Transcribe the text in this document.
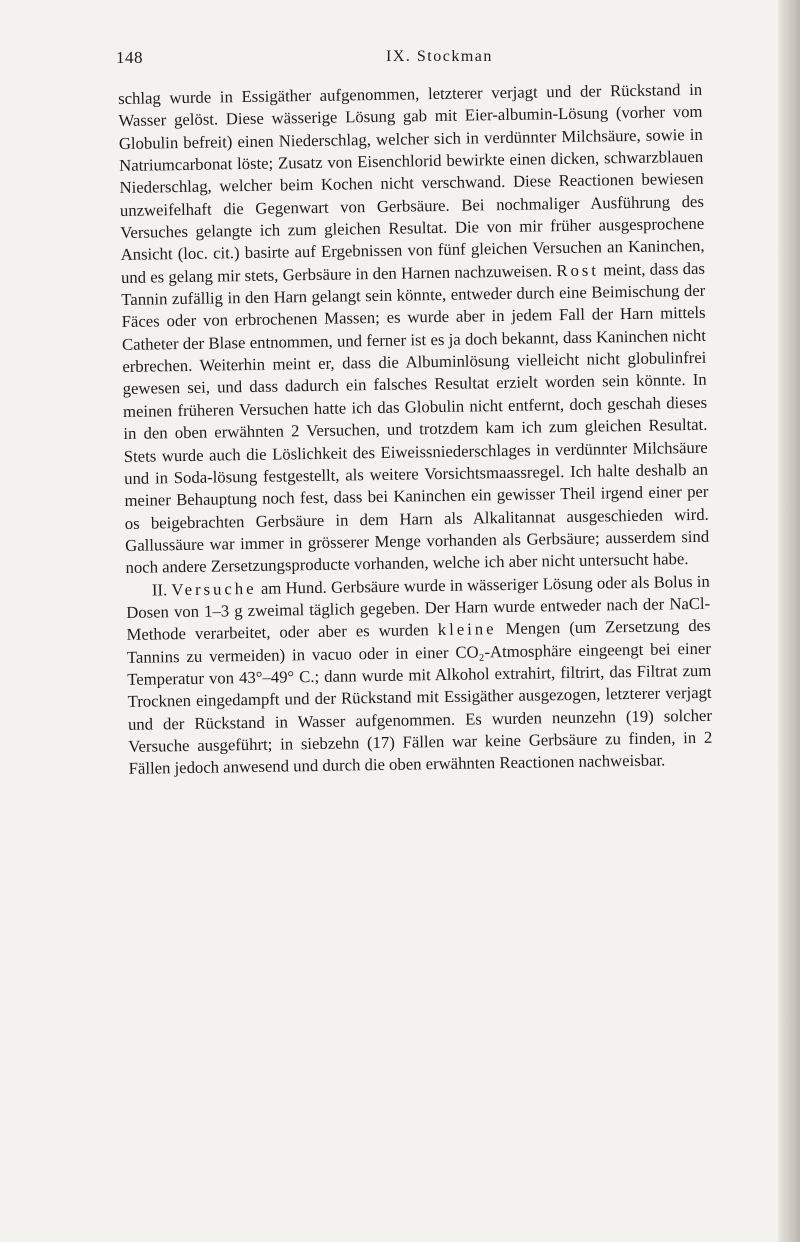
148	IX. Stockman

schlag wurde in Essigäther aufgenommen, letzterer verjagt und der Rückstand in Wasser gelöst. Diese wässerige Lösung gab mit Eier-albumin-Lösung (vorher vom Globulin befreit) einen Niederschlag, welcher sich in verdünnter Milchsäure, sowie in Natriumcarbonat löste; Zusatz von Eisenchlorid bewirkte einen dicken, schwarzblauen Niederschlag, welcher beim Kochen nicht verschwand. Diese Reactionen bewiesen unzweifelhaft die Gegenwart von Gerbsäure. Bei nochmaliger Ausführung des Versuches gelangte ich zum gleichen Resultat. Die von mir früher ausgesprochene Ansicht (loc. cit.) basirte auf Ergebnissen von fünf gleichen Versuchen an Kaninchen, und es gelang mir stets, Gerbsäure in den Harnen nachzuweisen. Rost meint, dass das Tannin zufällig in den Harn gelangt sein könnte, entweder durch eine Beimischung der Fäces oder von erbrochenen Massen; es wurde aber in jedem Fall der Harn mittels Catheter der Blase entnommen, und ferner ist es ja doch bekannt, dass Kaninchen nicht erbrechen. Weiterhin meint er, dass die Albuminlösung vielleicht nicht globulinfrei gewesen sei, und dass dadurch ein falsches Resultat erzielt worden sein könnte. In meinen früheren Versuchen hatte ich das Globulin nicht entfernt, doch geschah dieses in den oben erwähnten 2 Versuchen, und trotzdem kam ich zum gleichen Resultat. Stets wurde auch die Löslichkeit des Eiweissniederschlages in verdünnter Milchsäure und in Soda-lösung festgestellt, als weitere Vorsichtsmaassregel. Ich halte deshalb an meiner Behauptung noch fest, dass bei Kaninchen ein gewisser Theil irgend einer per os beigebrachten Gerbsäure in dem Harn als Alkalitannat ausgeschieden wird. Gallussäure war immer in grösserer Menge vorhanden als Gerbsäure; ausserdem sind noch andere Zersetzungsproducte vorhanden, welche ich aber nicht untersucht habe.

II. Versuche am Hund. Gerbsäure wurde in wässeriger Lösung oder als Bolus in Dosen von 1–3 g zweimal täglich gegeben. Der Harn wurde entweder nach der NaCl-Methode verarbeitet, oder aber es wurden kleine Mengen (um Zersetzung des Tannins zu vermeiden) in vacuo oder in einer CO₂-Atmosphäre eingeengt bei einer Temperatur von 43°–49° C.; dann wurde mit Alkohol extrahirt, filtrirt, das Filtrat zum Trocknen eingedampft und der Rückstand mit Essigäther ausgezogen, letzterer verjagt und der Rückstand in Wasser aufgenommen. Es wurden neunzehn (19) solcher Versuche ausgeführt; in siebzehn (17) Fällen war keine Gerbsäure zu finden, in 2 Fällen jedoch anwesend und durch die oben erwähnten Reactionen nachweisbar.
